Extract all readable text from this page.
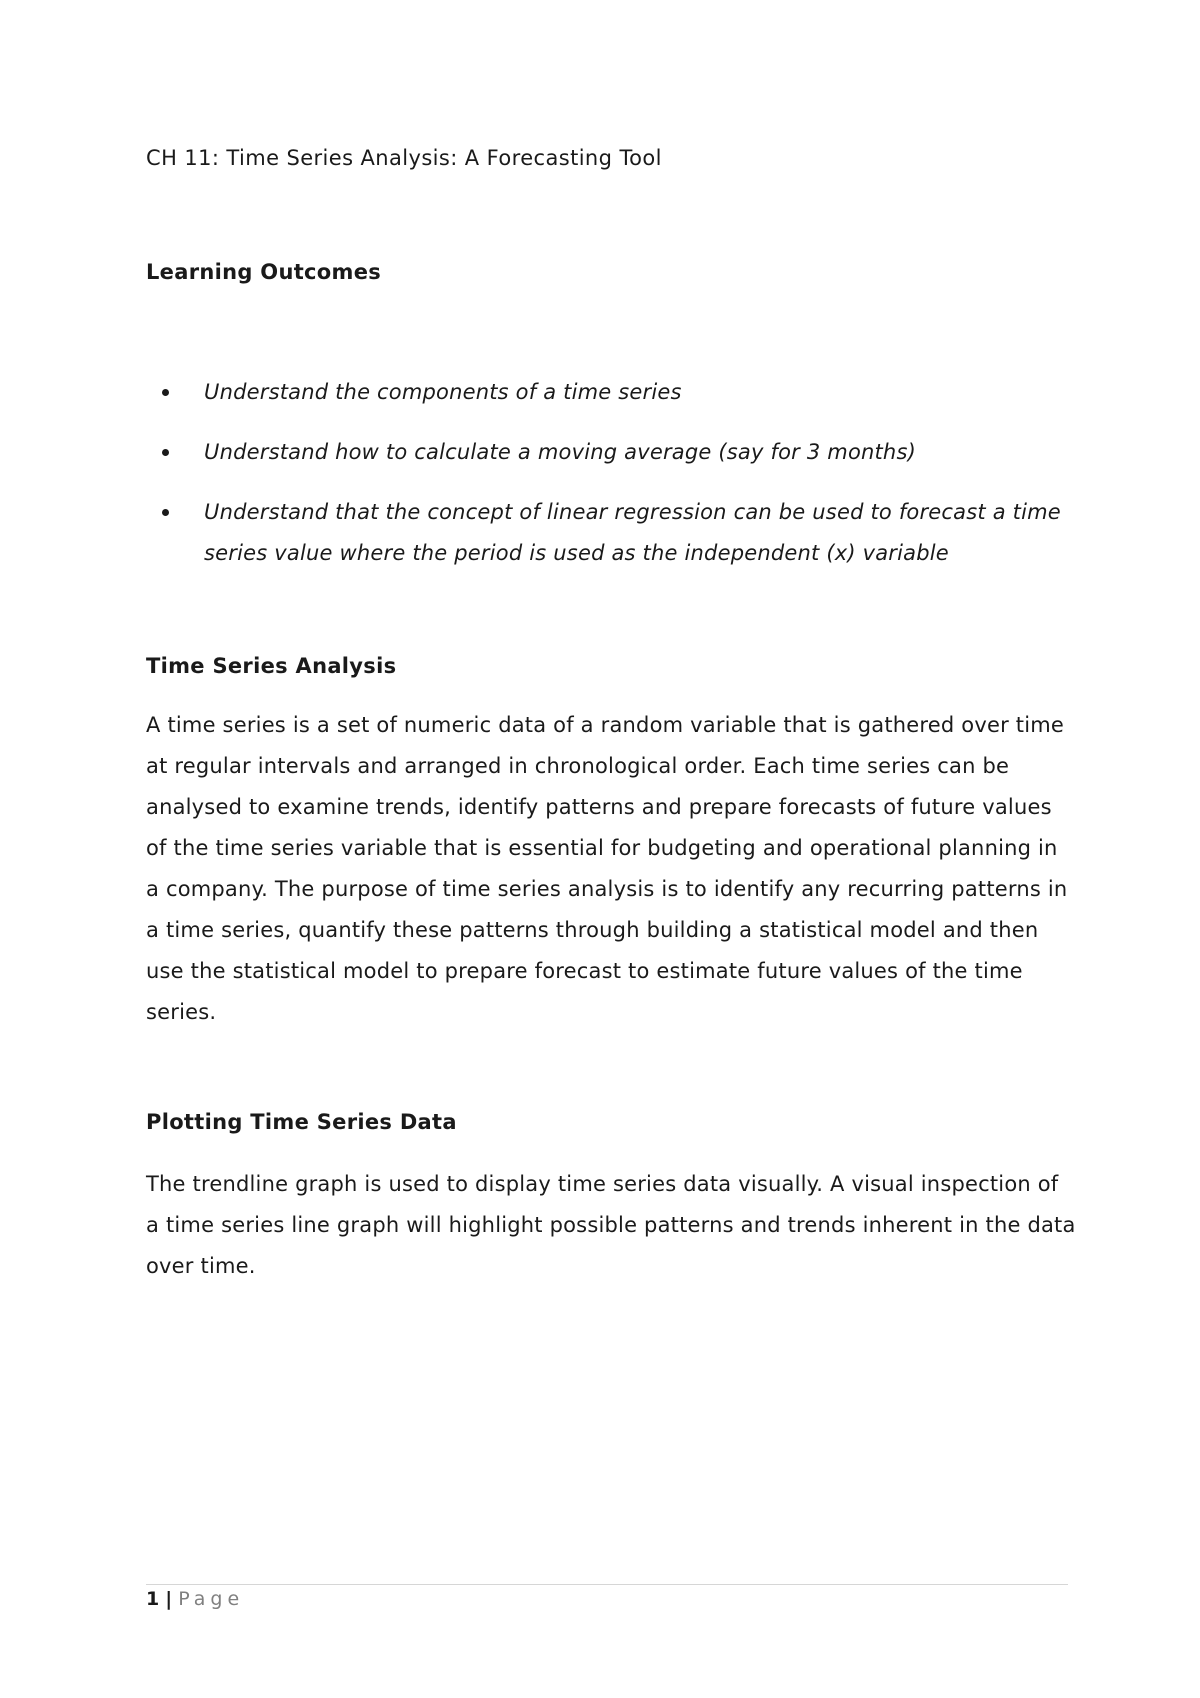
CH 11: Time Series Analysis: A Forecasting Tool
Learning Outcomes
Understand the components of a time series
Understand how to calculate a moving average (say for 3 months)
Understand that the concept of linear regression can be used to forecast a time series value where the period is used as the independent (x) variable
Time Series Analysis

A time series is a set of numeric data of a random variable that is gathered over time at regular intervals and arranged in chronological order. Each time series can be analysed to examine trends, identify patterns and prepare forecasts of future values of the time series variable that is essential for budgeting and operational planning in a company. The purpose of time series analysis is to identify any recurring patterns in a time series, quantify these patterns through building a statistical model and then use the statistical model to prepare forecast to estimate future values of the time series.

Plotting Time Series Data

The trendline graph is used to display time series data visually. A visual inspection of a time series line graph will highlight possible patterns and trends inherent in the data over time.

1 | Page
